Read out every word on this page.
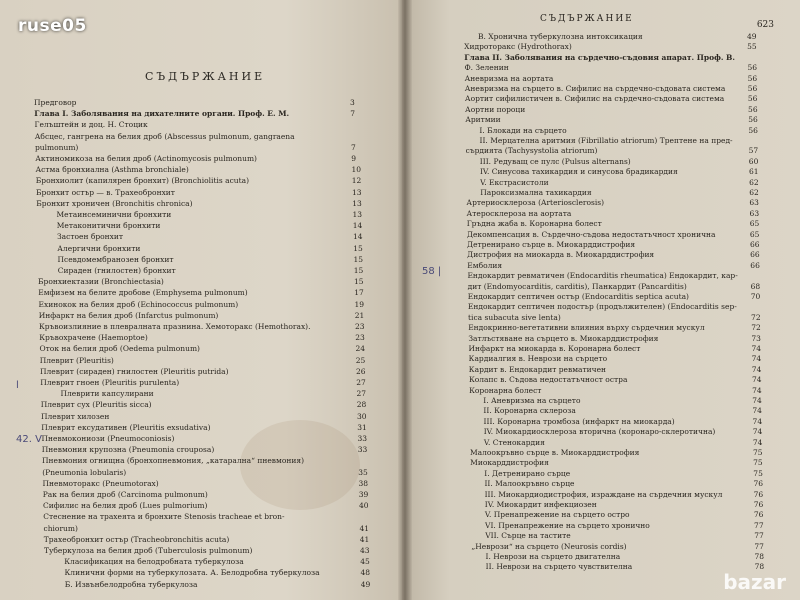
СЪДЪРЖАНИЕ
Предговор	3
Глава I. Заболявания на дихателните органи. Проф. Е. М.	7
Гелъштейн и доц. Н. Стоцик
Абсцес, гангрена на белия дроб (Abscessus pulmonum, gangraena
pulmonum)	7
Актиномикоза на белия дроб (Actinomycosis pulmonum)	9
Астма бронхиална (Asthma bronchiale)	10
Бронхиолит (капилярен бронхит) (Bronchiolitis acuta)	12
Бронхит остър — в. Трахеобронхит	13
Бронхит хроничен (Bronchitis chronica)	13
Метаинсеминични бронхити	13
Метаконитични бронхити	14
Застоен бронхит	14
Алергични бронхити	15
Псевдомембранозен бронхит	15
Сираден (гнилостен) бронхит	15
Бронхиектазии (Bronchiectasia)	15
Емфизем на белите дробове (Emphysema pulmonum)	17
Ехинокок на белия дроб (Echinococcus pulmonum)	19
Инфаркт на белия дроб (Infarctus pulmonum)	21
Кръвоизлияние в плевралната празнина. Хемоторакс (Hemothorax).	23
Кръвохрачене (Haemoptoe)	23
Оток на белия дроб (Oedema pulmonum)	24
Плеврит (Pleuritis)	25
Плеврит (сираден) гнилостен (Pleuritis putrida)	26
Плеврит гноен (Pleuritis purulenta)	27
Плеврити капсулирани	27
Плеврит сух (Pleuritis sicca)	28
Плеврит хилозен	30
Плеврит ексудативен (Pleuritis exsudativa)	31
Пневмокониози (Pneumoconiosis)	33
Пневмония крупозна (Pneumonia crouposa)	33
Пневмония огнищна (бронхопневмония, „катарална“ пневмония)
(Pneumonia lobularis)	35
Пневмоторакс (Pneumotorax)	38
Рак на белия дроб (Carcinoma pulmonum)	39
Сифилис на белия дроб (Lues pulmorium)	40
Стеснение на трахеята и бронхите Stenosis tracheae et bron-
chiorum)	41
Трахеобронхит остър (Tracheobronchitis acuta)	41
Туберкулоза на белия дроб (Tuberculosis pulmonum)	43
Класификация на белодробната туберкулоза	45
Клинични форми на туберкулозата. А. Белодробна туберкулоза	48
Б. Извънбелодробна туберкулоза	49
42. V
l
СЪДЪРЖАНИЕ
623
В. Хронична туберкулозна интоксикация	49
Хидроторакс (Hydrothorax)	55
Глава II. Заболявания на сърдечно-съдовия апарат. Проф. В.
Ф. Зеленин	56
Аневризма на аортата	56
Аневризма на сърцето в. Сифилис на сърдечно-съдовата система	56
Аортит сифилистичен в. Сифилис на сърдечно-съдовата система	56
Аортни пороци	56
Аритмии	56
I. Блокади на сърцето	56
II. Мерцателна аритмия (Fibrillatio atriorum) Трептене на пред-
сърдията (Tachysystolia atriorum)	57
III. Редуващ се пулс (Pulsus alternans)	60
IV. Синусова тахикардия и синусова брадикардия	61
V. Екстрасистоли	62
Пароксизмална тахикардия	62
Артериосклероза (Arteriosclerosis)	63
Атеросклероза на аортата	63
Гръдна жаба в. Коронарна болест	65
Декомпенсация в. Сърдечно-съдова недостатъчност хронична	65
Детренирано сърце в. Миокарддистрофия	66
Дистрофия на миокарда в. Миокарддистрофия	66
Емболия	66
Ендокардит ревматичен (Endocarditis rheumatica) Ендокардит, кар-
дит (Endomyocarditis, carditis), Панкардит (Pancarditis)	68
Ендокардит септичен остър (Endocarditis septica acuta)	70
Ендокардит септичен подостър (продължителен) (Endocarditis sep-
tica subacuta sive lenta)	72
Ендокринно-вегетативни влияния върху сърдечния мускул	72
Затлъстяване на сърцето в. Миокарддистрофия	73
Инфаркт на миокарда в. Коронарна болест	74
Кардиалгия в. Неврози на сърцето	74
Кардит в. Ендокардит ревматичен	74
Колапс в. Съдова недостатъчност остра	74
Коронарна болест	74
I. Аневризма на сърцето	74
II. Коронарна склероза	74
III. Коронарна тромбоза (инфаркт на миокарда)	74
IV. Миокардиосклероза вторична (коронаро-склеротична)	74
V. Стенокардия	74
Малоокръвно сърце в. Миокарддистрофия	75
Миокарддистрофия	75
I. Детренирано сърце	75
II. Малоокръвно сърце	76
III. Миокардиодистрофия, израждане на сърдечния мускул	76
IV. Миокардит инфекциозен	76
V. Пренапрежение на сърцето остро	76
VI. Пренапрежение на сърцето хронично	77
VII. Сърце на тастите	77
„Неврози“ на сърцето (Neurosis cordis)	77
I. Неврози на сърцето двигателна	78
II. Неврози на сърцето чувствителна	78
58 |
ruse05
bazar
